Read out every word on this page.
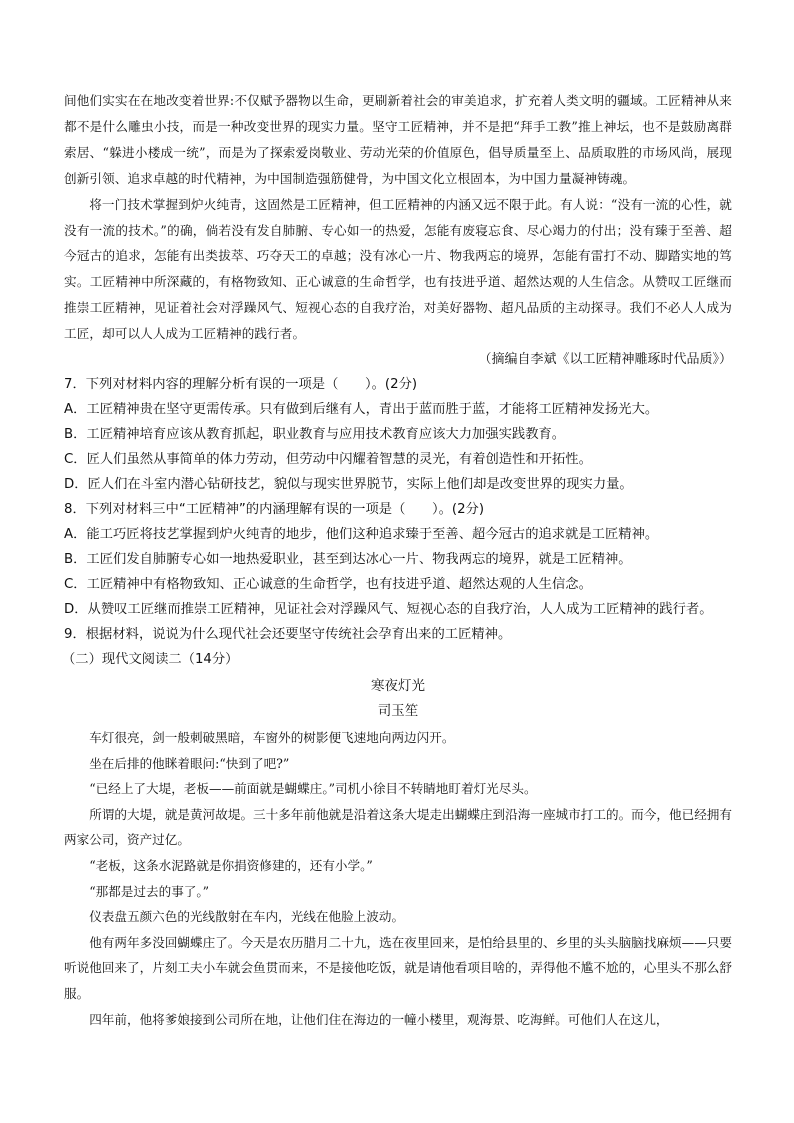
间他们实实在在地改变着世界:不仅赋予器物以生命，更刷新着社会的审美追求，扩充着人类文明的疆域。工匠精神从来都不是什么雕虫小技，而是一种改变世界的现实力量。坚守工匠精神，并不是把“拜手工教”推上神坛，也不是鼓励离群索居、“躲进小楼成一统”，而是为了探索爱岗敬业、劳动光荣的价值原色，倡导质量至上、品质取胜的市场风尚，展现创新引领、追求卓越的时代精神，为中国制造强筋健骨，为中国文化立根固本，为中国力量凝神铸魂。

将一门技术掌握到炉火纯青，这固然是工匠精神，但工匠精神的内涵又远不限于此。有人说：“没有一流的心性，就没有一流的技术。”的确，倘若没有发自肺腑、专心如一的热爱，怎能有废寝忘食、尽心竭力的付出；没有臻于至善、超今冠古的追求，怎能有出类拔萃、巧夺天工的卓越；没有冰心一片、物我两忘的境界，怎能有雷打不动、脚踏实地的笃实。工匠精神中所深藏的，有格物致知、正心诚意的生命哲学，也有技进乎道、超然达观的人生信念。从赞叹工匠继而推崇工匠精神，见证着社会对浮躁风气、短视心态的自我疗治，对美好器物、超凡品质的主动探寻。我们不必人人成为工匠，却可以人人成为工匠精神的践行者。

（摘编自李斌《以工匠精神雕琢时代品质》）

7．下列对材料内容的理解分析有误的一项是（　　）。(2分)

A．工匠精神贵在坚守更需传承。只有做到后继有人，青出于蓝而胜于蓝，才能将工匠精神发扬光大。

B．工匠精神培育应该从教育抓起，职业教育与应用技术教育应该大力加强实践教育。

C．匠人们虽然从事简单的体力劳动，但劳动中闪耀着智慧的灵光，有着创造性和开拓性。

D．匠人们在斗室内潜心钻研技艺，貌似与现实世界脱节，实际上他们却是改变世界的现实力量。

8．下列对材料三中“工匠精神”的内涵理解有误的一项是（　　）。(2分)

A．能工巧匠将技艺掌握到炉火纯青的地步，他们这种追求臻于至善、超今冠古的追求就是工匠精神。

B．工匠们发自肺腑专心如一地热爱职业，甚至到达冰心一片、物我两忘的境界，就是工匠精神。

C．工匠精神中有格物致知、正心诚意的生命哲学，也有技进乎道、超然达观的人生信念。

D．从赞叹工匠继而推崇工匠精神，见证社会对浮躁风气、短视心态的自我疗治，人人成为工匠精神的践行者。

9．根据材料，说说为什么现代社会还要坚守传统社会孕育出来的工匠精神。

（二）现代文阅读二（14分）

寒夜灯光

司玉笙

车灯很亮，剑一般刺破黑暗，车窗外的树影便飞速地向两边闪开。

坐在后排的他眯着眼问:“快到了吧?”

“已经上了大堤，老板——前面就是蝴蝶庄。”司机小徐目不转睛地盯着灯光尽头。

所谓的大堤，就是黄河故堤。三十多年前他就是沿着这条大堤走出蝴蝶庄到沿海一座城市打工的。而今，他已经拥有两家公司，资产过亿。

“老板，这条水泥路就是你捐资修建的，还有小学。”

“那都是过去的事了。”

仪表盘五颜六色的光线散射在车内，光线在他脸上波动。

他有两年多没回蝴蝶庄了。今天是农历腊月二十九，选在夜里回来，是怕给县里的、乡里的头头脑脑找麻烦——只要听说他回来了，片刻工夫小车就会鱼贯而来，不是接他吃饭，就是请他看项目啥的，弄得他不尴不尬的，心里头不那么舒服。

四年前，他将爹娘接到公司所在地，让他们住在海边的一幢小楼里，观海景、吃海鲜。可他们人在这儿，
